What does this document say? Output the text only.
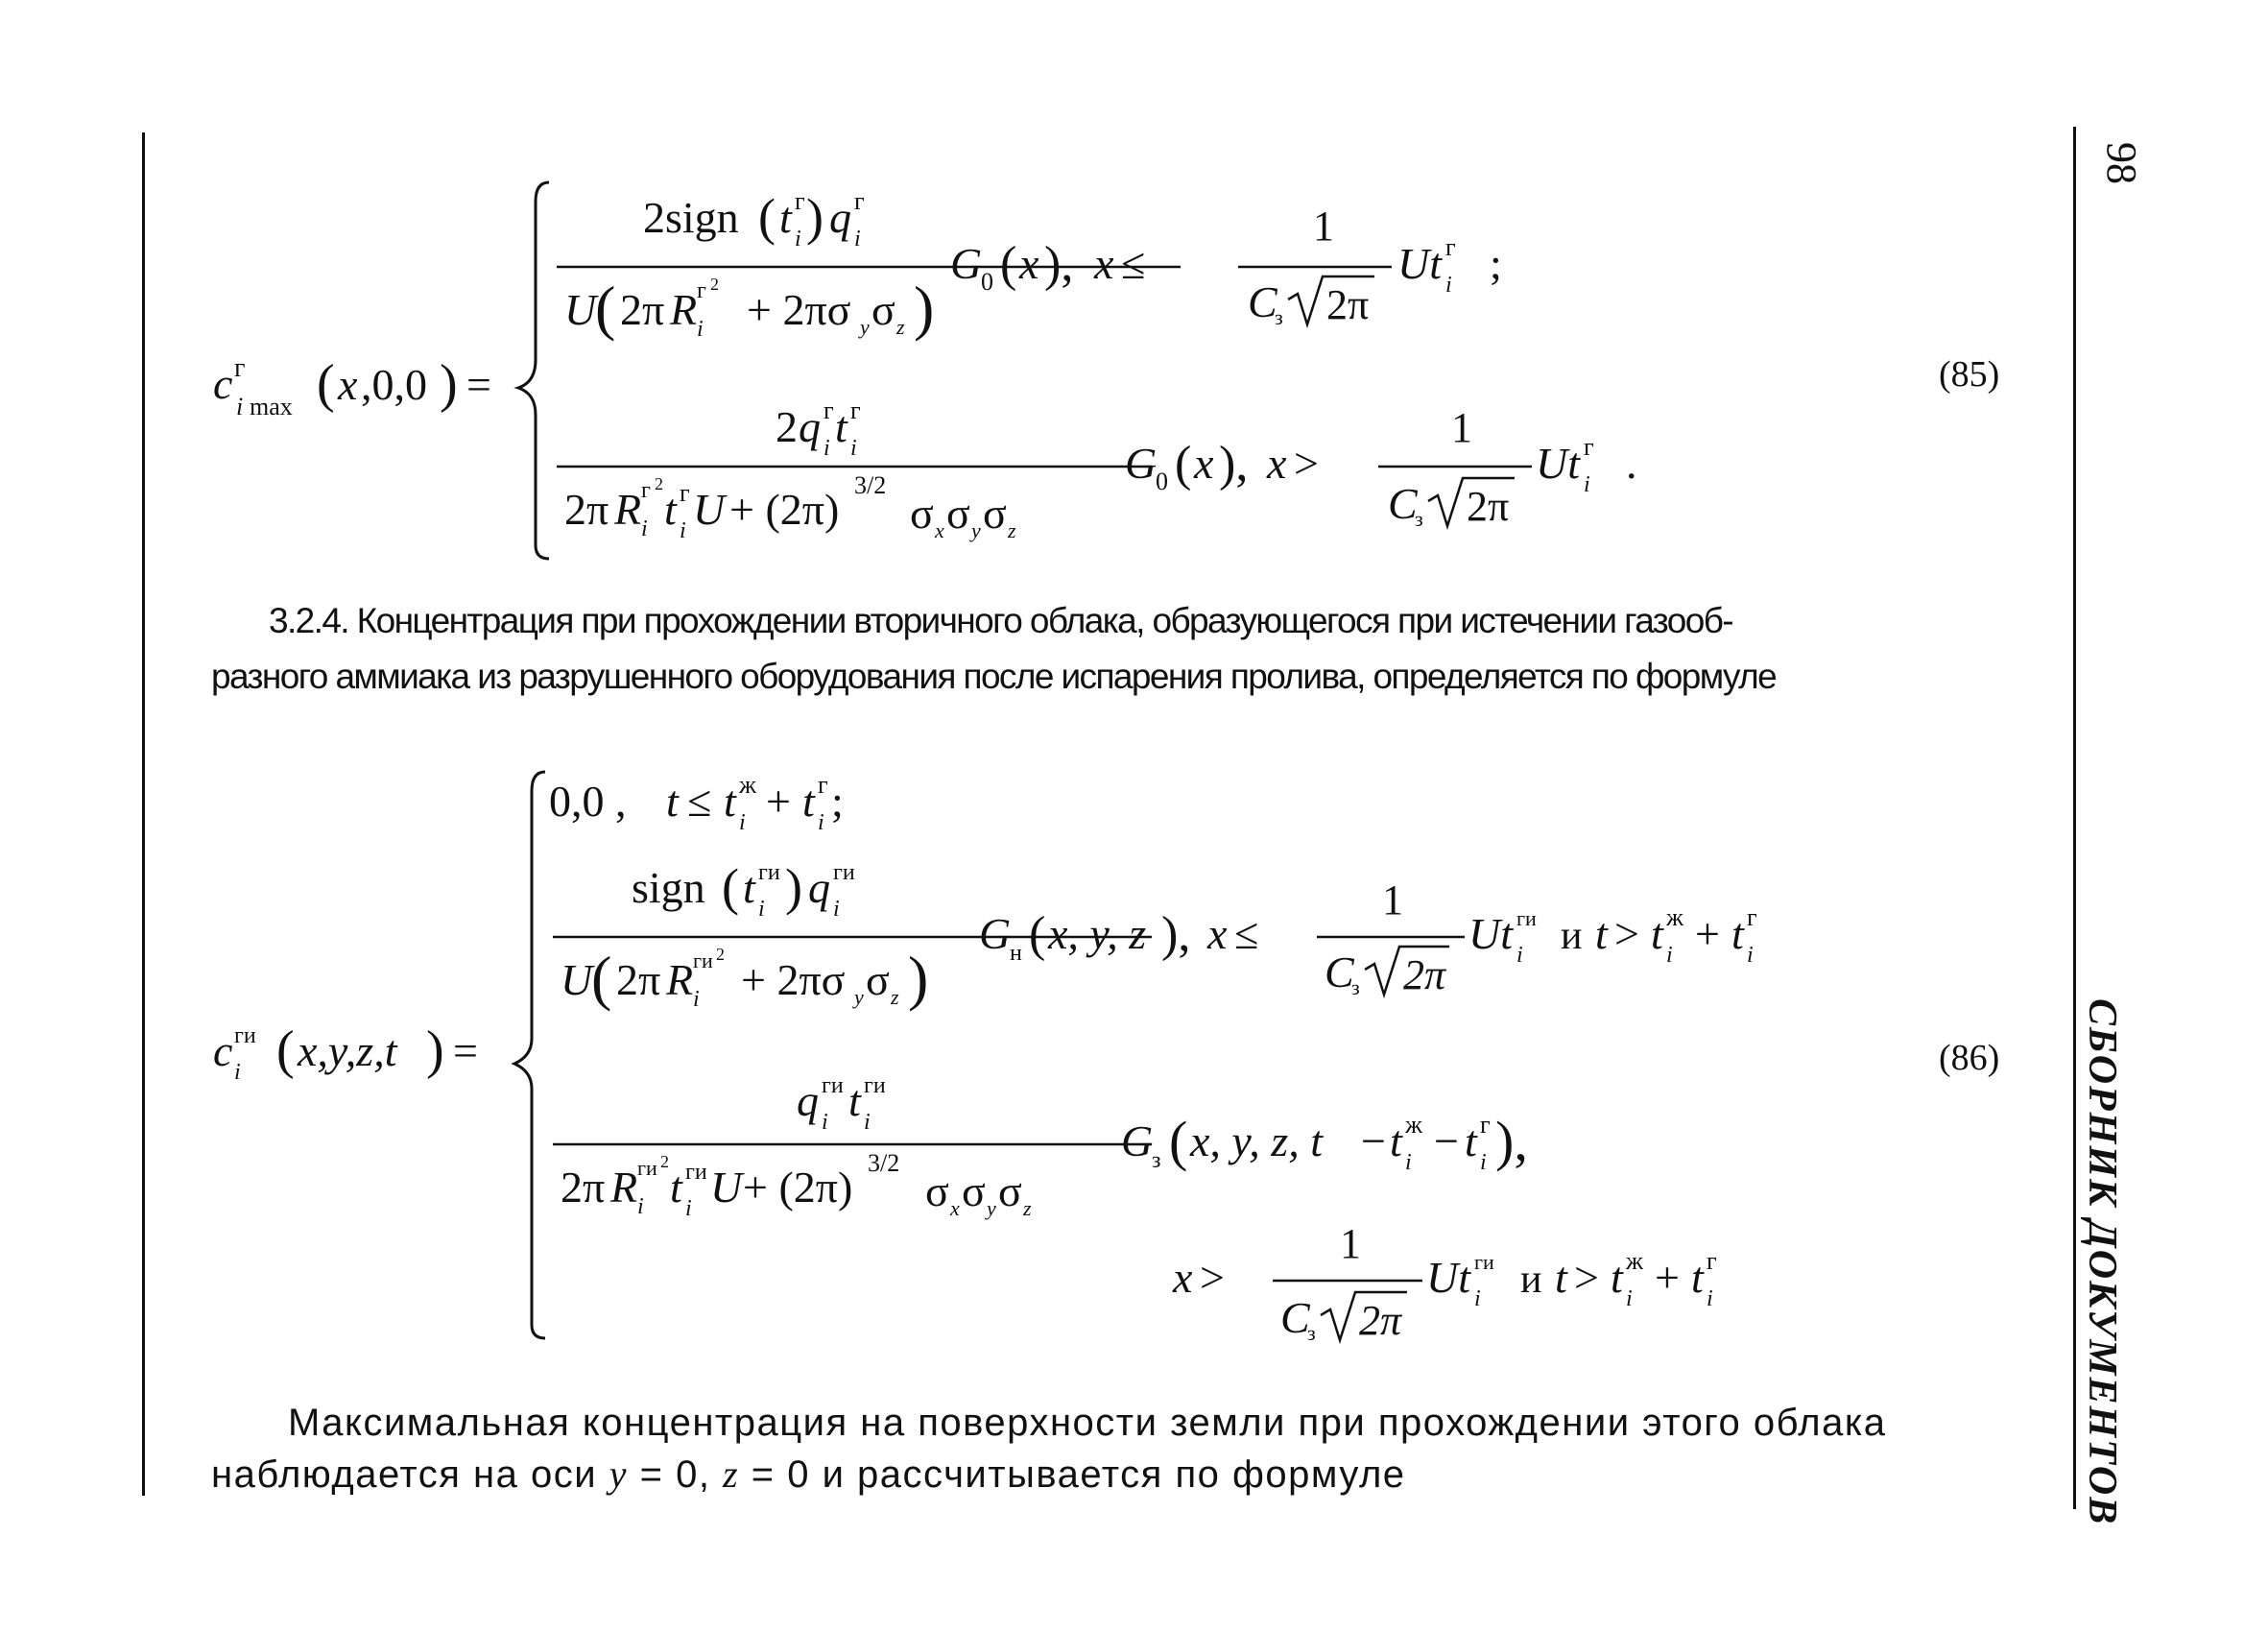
98
СБОРНИК ДОКУМЕНТОВ
c г
i max ( x ,0,0 ) =
2sign ( t г
i ) q г
i
U
( 2π R г 2
i + 2πσ y σ z )
G
0 ( x ), x ≤
1
C
з 2π
Ut г
i ;
2 q г
i t г
i
2π R г 2
i t г
i U + (2π) 3/2
σ x σ y σ z
G
0 ( x ), x >
1
C
з 2π
Ut г
i .
(85)
3.2.4. Концентрация при прохождении вторичного облака, образующегося при истечении газооб-
разного аммиака из разрушенного оборудования после испарения пролива, определяется по формуле
c ги
i ( x,y,z,t ) =
0,0 , t ≤ t ж
i + t г
i ;
sign ( t ги
i ) q ги
i
U
( 2π R ги 2
i + 2πσ y σ z )
G
н ( x, y, z ), x ≤
1
C
з 2π
Ut ги
i и t > t ж
i + t г
i
q ги
i t ги
i
2π R ги 2
i t ги
i U + (2π) 3/2
σ x σ y σ z
G
з ( x, y, z, t − t ж
i − t г
i ),
x >
1
C
з 2π
Ut ги
i и t > t ж
i + t г
i
(86)
Максимальная концентрация на поверхности земли при прохождении этого облака
наблюдается на оси y = 0, z = 0 и рассчитывается по формуле
